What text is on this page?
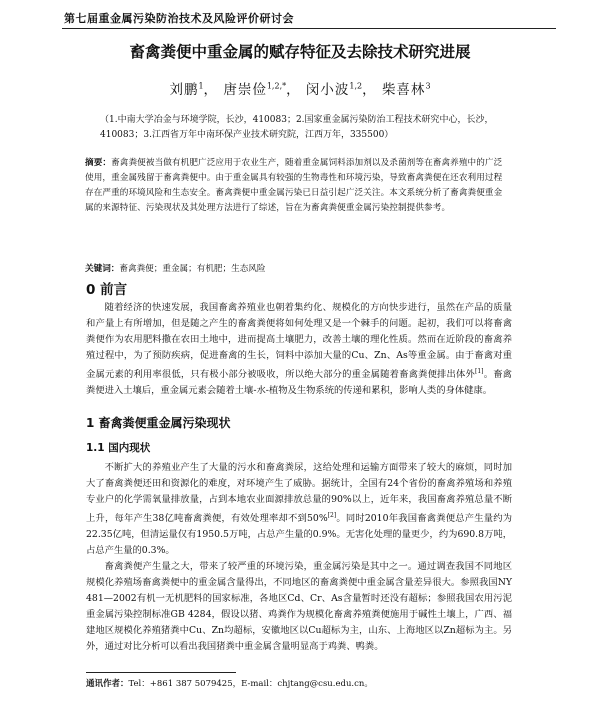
第七届重金属污染防治技术及风险评价研讨会
畜禽粪便中重金属的赋存特征及去除技术研究进展
刘鹏$^1$， 唐崇俭$^{1,2,*}$， 闵小波$^{1,2}$， 柴喜林$^3$
（1.中南大学冶金与环境学院，长沙，410083；2.国家重金属污染防治工程技术研究中心，长沙，410083；3.江西省万年中南环保产业技术研究院，江西万年，335500）
摘要：畜禽粪便被当做有机肥广泛应用于农业生产，随着重金属饲料添加剂以及杀菌剂等在畜禽养殖中的广泛使用，重金属残留于畜禽粪便中。由于重金属具有较强的生物毒性和环境污染，导致畜禽粪便在还农利用过程存在严重的环境风险和生态安全。畜禽粪便中重金属污染已日益引起广泛关注。本文系统分析了畜禽粪便重金属的来源特征、污染现状及其处理方法进行了综述，旨在为畜禽粪便重金属污染控制提供参考。
关键词：畜禽粪便；重金属；有机肥；生态风险
0 前言

随着经济的快速发展，我国畜禽养殖业也朝着集约化、规模化的方向快步进行，虽然在产品的质量和产量上有所增加，但是随之产生的畜禽粪便将如何处理又是一个棘手的问题。起初，我们可以将畜禽粪便作为农用肥料撒在农田土地中，进而提高土壤肥力，改善土壤的理化性质。然而在近阶段的畜禽养殖过程中，为了预防疾病，促进畜禽的生长，饲料中添加大量的Cu、Zn、As等重金属。由于畜禽对重金属元素的利用率很低，只有极小部分被吸收，所以绝大部分的重金属随着畜禽粪便排出体外[1]。畜禽粪便进入土壤后，重金属元素会随着土壤-水-植物及生物系统的传递和累积，影响人类的身体健康。

1 畜禽粪便重金属污染现状
1.1 国内现状

不断扩大的养殖业产生了大量的污水和畜禽粪尿，这给处理和运输方面带来了较大的麻烦，同时加大了畜禽粪便还田和资源化的难度，对环境产生了威胁。据统计，全国有24个省份的畜禽养殖场和养殖专业户的化学需氧量排放量，占到本地农业面源排放总量的90%以上，近年来，我国畜禽养殖总量不断上升，每年产生38亿吨畜禽粪便，有效处理率却不到50%[2]。同时2010年我国畜禽粪便总产生量约为22.35亿吨，但清运量仅有1950.5万吨，占总产生量的0.9%。无害化处理的量更少，约为690.8万吨，占总产生量的0.3%。

畜禽粪便产生量之大，带来了较严重的环境污染，重金属污染是其中之一。通过调查我国不同地区规模化养殖场畜禽粪便中的重金属含量得出，不同地区的畜禽粪便中重金属含量差异很大。参照我国NY 481—2002有机一无机肥料的国家标准，各地区Cd、Cr、As含量暂时还没有超标；参照我国农用污泥重金属污染控制标准GB 4284，假设以猪、鸡粪作为规模化畜禽养殖粪便施用于碱性土壤上，广西、福建地区规模化养殖猪粪中Cu、Zn均超标，安徽地区以Cu超标为主，山东、上海地区以Zn超标为主。另外，通过对比分析可以看出我国猪粪中重金属含量明显高于鸡粪、鸭粪。

通讯作者：Tel：+861 387 5079425，E-mail：chjtang@csu.edu.cn。
